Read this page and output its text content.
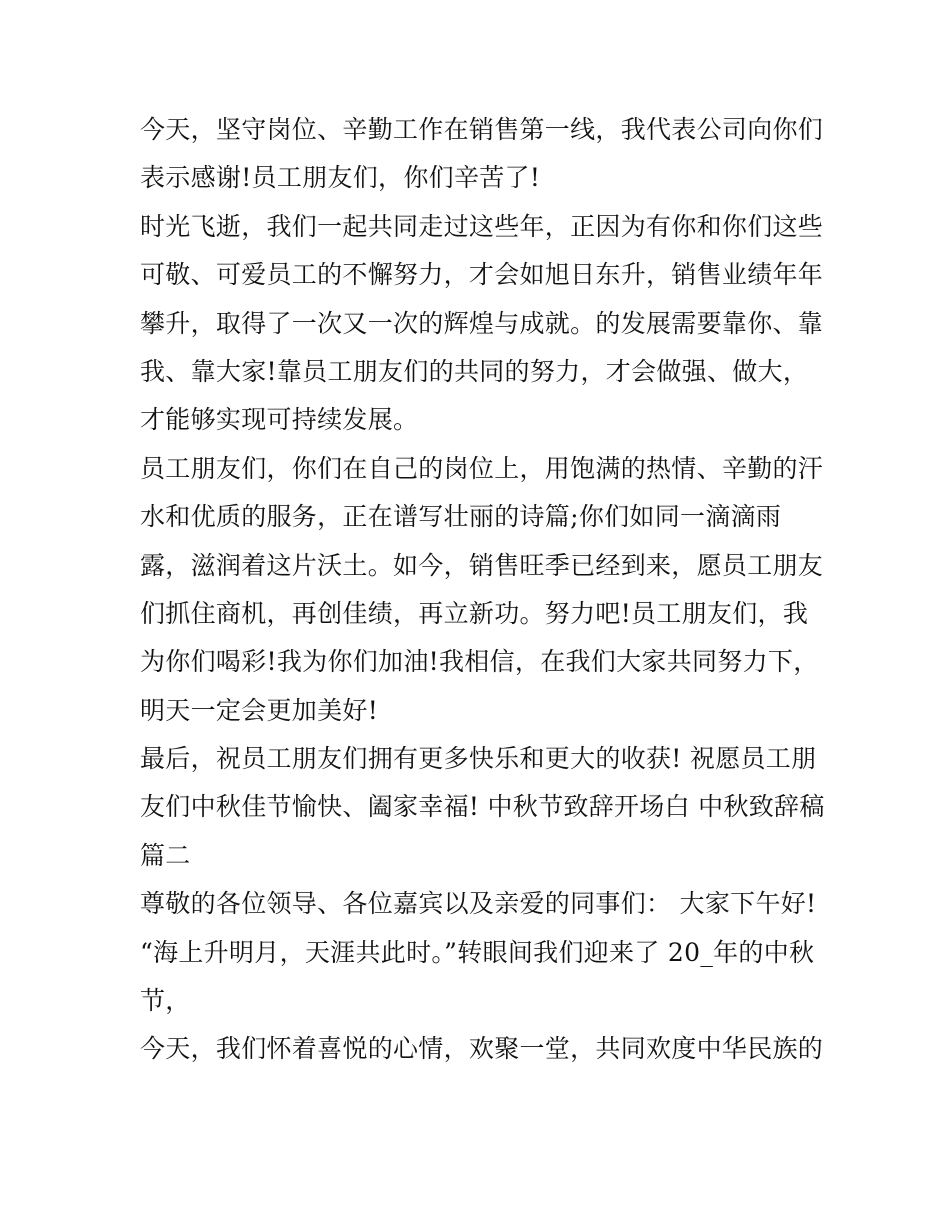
今天，坚守岗位、辛勤工作在销售第一线，我代表公司向你们
表示感谢!员工朋友们，你们辛苦了!
时光飞逝，我们一起共同走过这些年，正因为有你和你们这些
可敬、可爱员工的不懈努力，才会如旭日东升，销售业绩年年
攀升，取得了一次又一次的辉煌与成就。的发展需要靠你、靠
我、靠大家!靠员工朋友们的共同的努力，才会做强、做大，
才能够实现可持续发展。
员工朋友们，你们在自己的岗位上，用饱满的热情、辛勤的汗
水和优质的服务，正在谱写壮丽的诗篇;你们如同一滴滴雨
露，滋润着这片沃土。如今，销售旺季已经到来，愿员工朋友
们抓住商机，再创佳绩，再立新功。努力吧!员工朋友们，我
为你们喝彩!我为你们加油!我相信，在我们大家共同努力下，
明天一定会更加美好!
最后，祝员工朋友们拥有更多快乐和更大的收获! 祝愿员工朋
友们中秋佳节愉快、阖家幸福! 中秋节致辞开场白 中秋致辞稿
篇二
尊敬的各位领导、各位嘉宾以及亲爱的同事们： 大家下午好!
“海上升明月，天涯共此时。”转眼间我们迎来了 20_年的中秋
节，
今天，我们怀着喜悦的心情，欢聚一堂，共同欢度中华民族的
